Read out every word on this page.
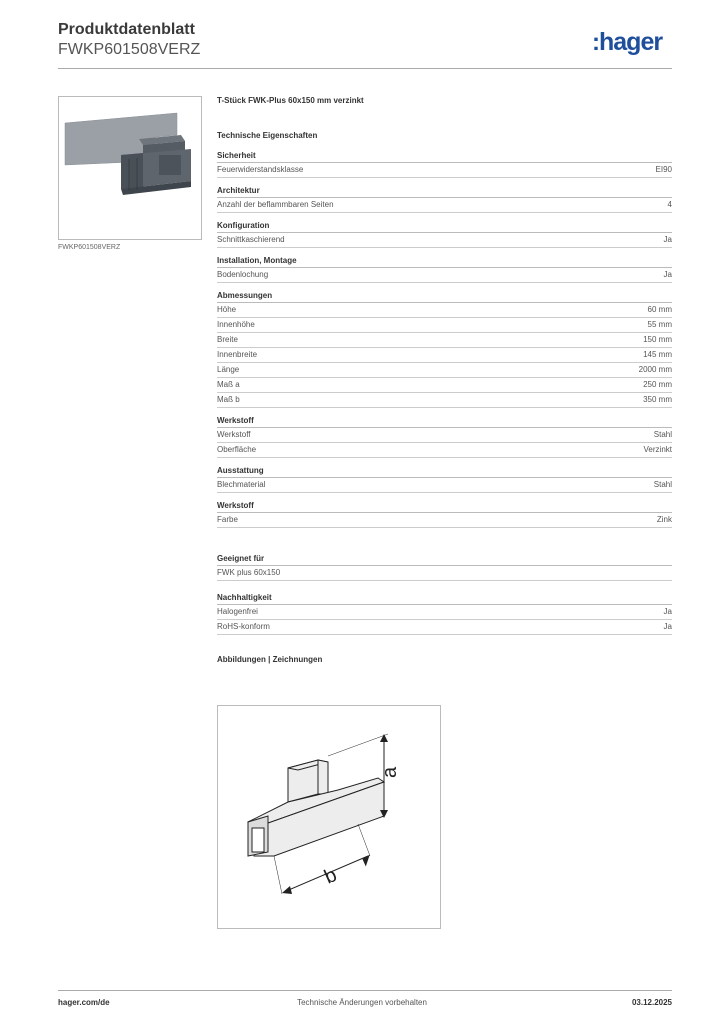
Produktdatenblatt
FWKP601508VERZ	:hager
FWKP601508VERZ
T-Stück FWK-Plus 60x150 mm verzinkt
Technische Eigenschaften
Sicherheit
Feuerwiderstandsklasse	EI90
Architektur
Anzahl der beflammbaren Seiten	4
Konfiguration
Schnittkaschierend	Ja
Installation, Montage
Bodenlochung	Ja
Abmessungen
Höhe	60 mm
Innenhöhe	55 mm
Breite	150 mm
Innenbreite	145 mm
Länge	2000 mm
Maß a	250 mm
Maß b	350 mm
Werkstoff
Werkstoff	Stahl
Oberfläche	Verzinkt
Ausstattung
Blechmaterial	Stahl
Werkstoff
Farbe	Zink
Geeignet für
FWK plus 60x150
Nachhaltigkeit
Halogenfrei	Ja
RoHS-konform	Ja
Abbildungen | Zeichnungen
a
b
hager.com/de	Technische Änderungen vorbehalten	03.12.2025
